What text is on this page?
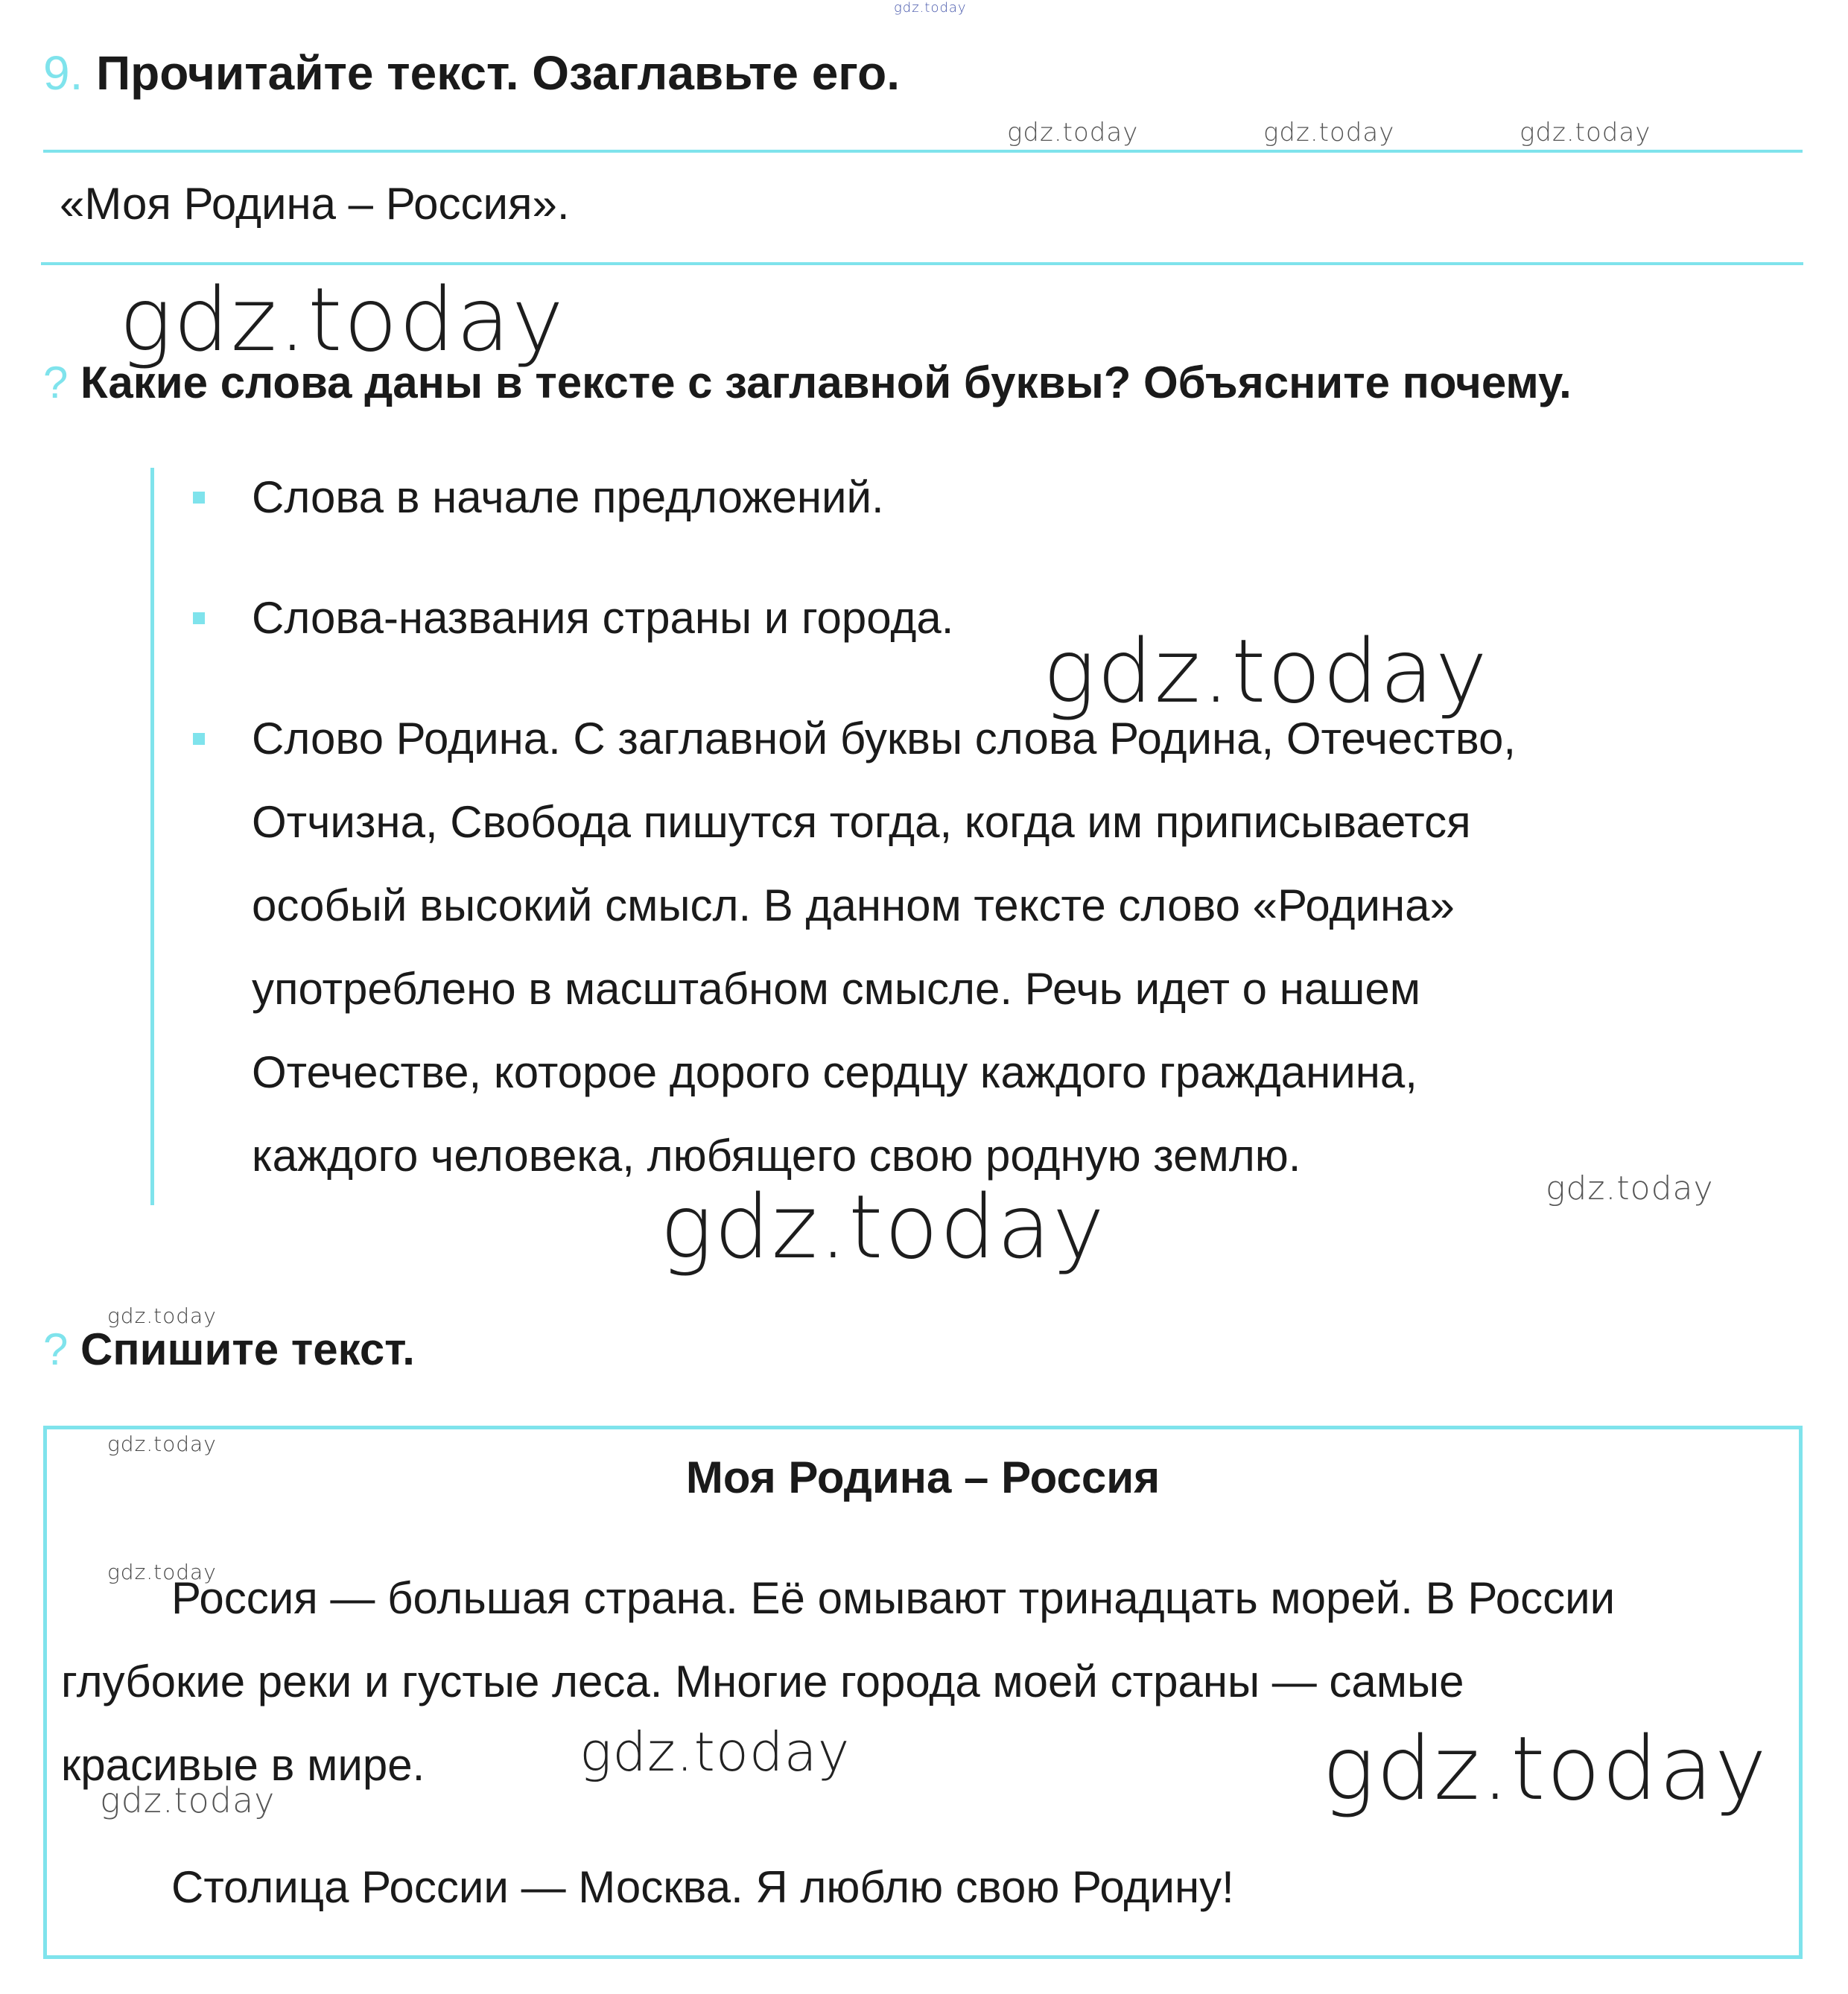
gdz.today
9. Прочитайте текст. Озаглавьте его.
gdz.today	gdz.today	gdz.today
«Моя Родина – Россия».
gdz.today
? Какие слова даны в тексте с заглавной буквы? Объясните почему.
Слова в начале предложений.
Слова-названия страны и города.
gdz.today
Слово Родина. С заглавной буквы слова Родина, Отечество,
Отчизна, Свобода пишутся тогда, когда им приписывается
особый высокий смысл. В данном тексте слово «Родина»
употреблено в масштабном смысле. Речь идет о нашем
Отечестве, которое дорого сердцу каждого гражданина,
каждого человека, любящего свою родную землю.
gdz.today
gdz.today
gdz.today
? Спишите текст.
gdz.today
Моя Родина – Россия
gdz.today
Россия — большая страна. Её омывают тринадцать морей. В России
глубокие реки и густые леса. Многие города моей страны — самые
красивые в мире.	gdz.today	gdz.today
gdz.today
Столица России — Москва. Я люблю свою Родину!
